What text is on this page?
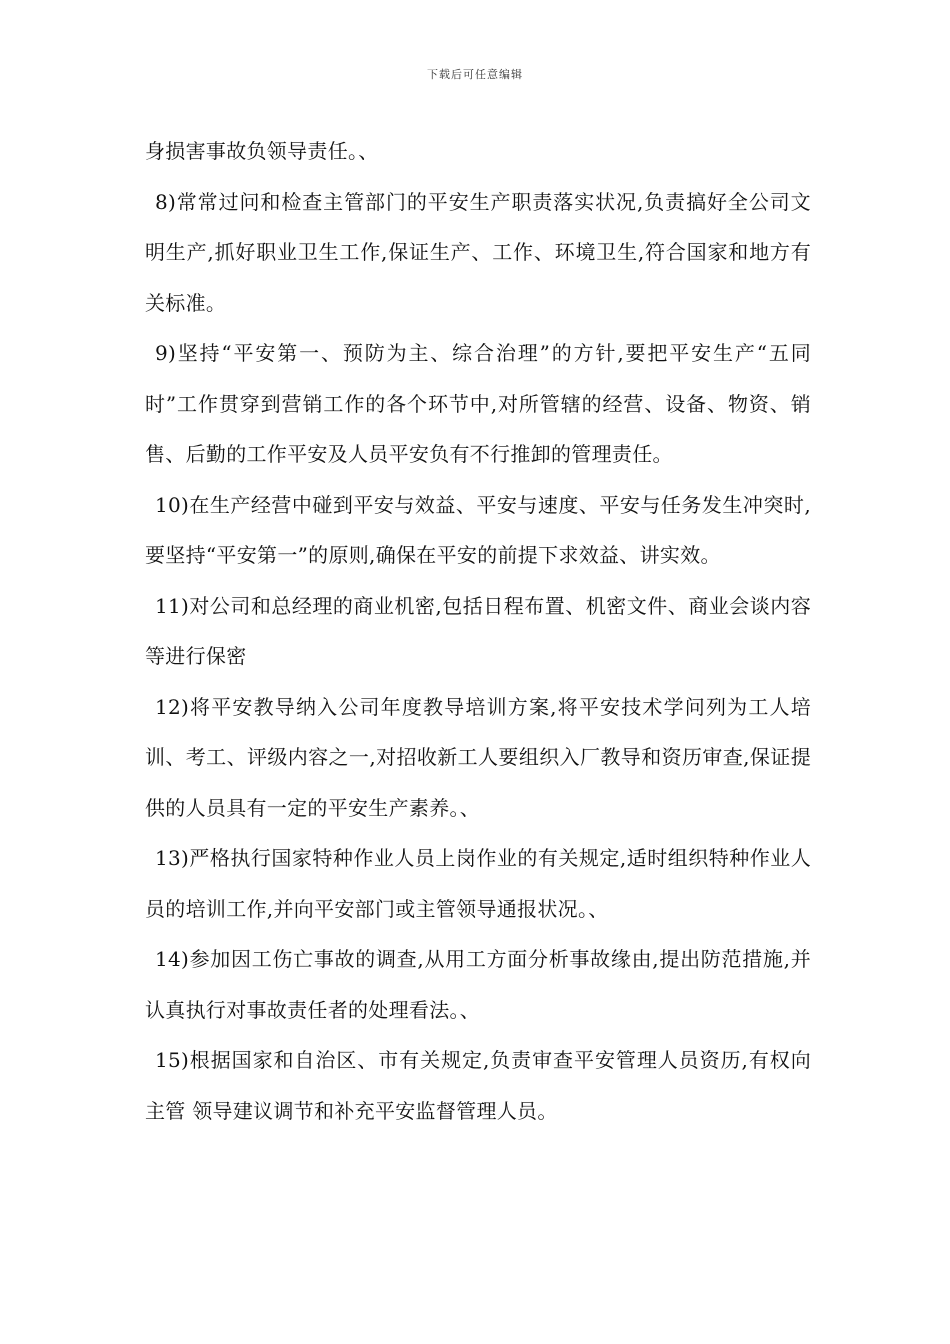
下载后可任意编辑

身损害事故负领导责任。、

8)常常过问和检查主管部门的平安生产职责落实状况,负责搞好全公司文明生产,抓好职业卫生工作,保证生产、工作、环境卫生,符合国家和地方有关标准。

9)坚持“平安第一、预防为主、综合治理”的方针,要把平安生产“五同时”工作贯穿到营销工作的各个环节中,对所管辖的经营、设备、物资、销售、后勤的工作平安及人员平安负有不行推卸的管理责任。

10)在生产经营中碰到平安与效益、平安与速度、平安与任务发生冲突时,要坚持“平安第一”的原则,确保在平安的前提下求效益、讲实效。

11)对公司和总经理的商业机密,包括日程布置、机密文件、商业会谈内容等进行保密

12)将平安教导纳入公司年度教导培训方案,将平安技术学问列为工人培训、考工、评级内容之一,对招收新工人要组织入厂教导和资历审查,保证提供的人员具有一定的平安生产素养。、

13)严格执行国家特种作业人员上岗作业的有关规定,适时组织特种作业人员的培训工作,并向平安部门或主管领导通报状况。、

14)参加因工伤亡事故的调查,从用工方面分析事故缘由,提出防范措施,并认真执行对事故责任者的处理看法。、

15)根据国家和自治区、市有关规定,负责审查平安管理人员资历,有权向主管 领导建议调节和补充平安监督管理人员。
